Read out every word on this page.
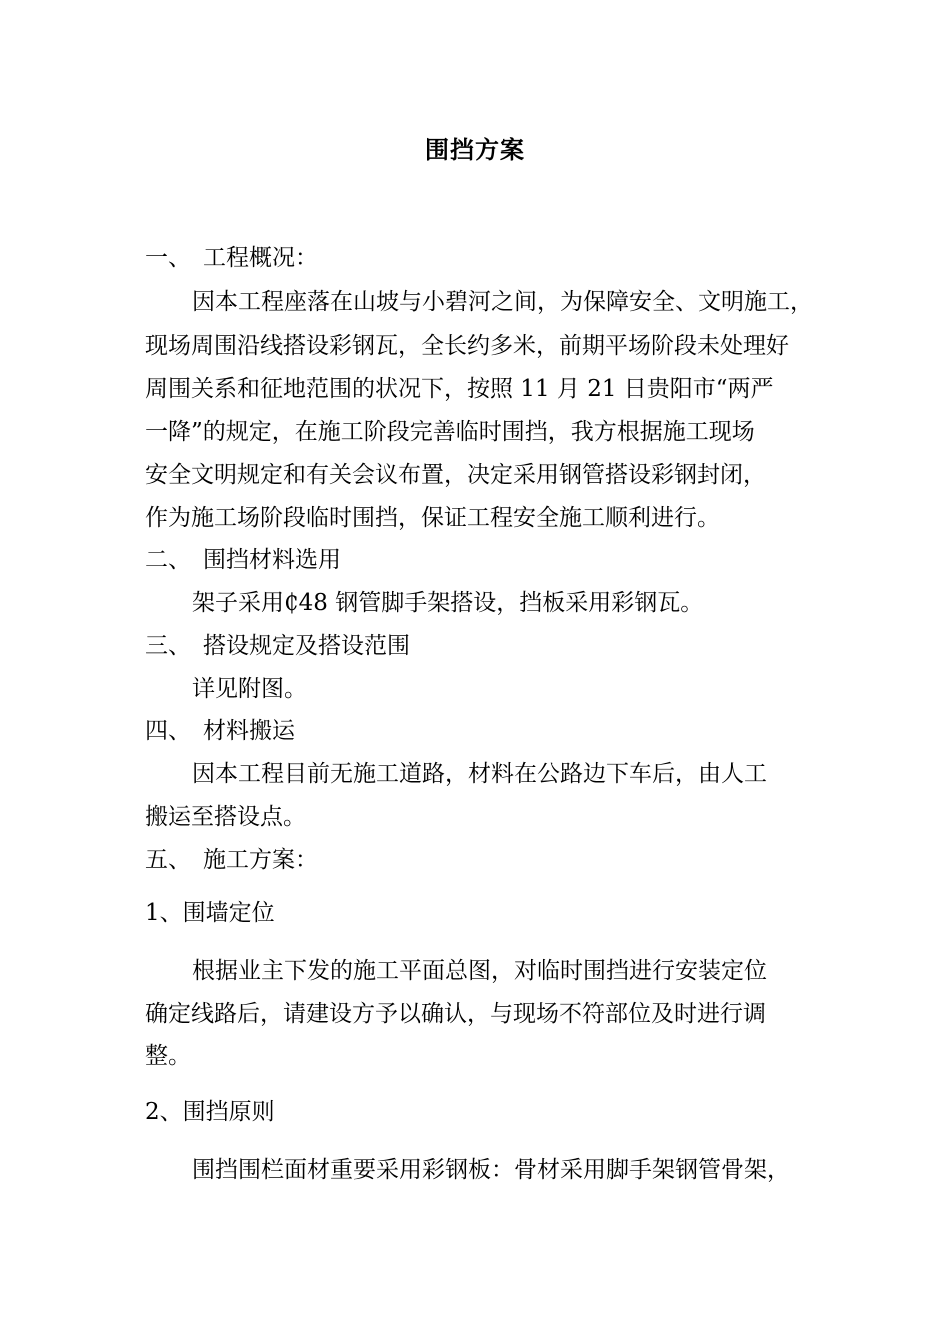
围挡方案
一、 工程概况：
因本工程座落在山坡与小碧河之间，为保障安全、文明施工，
现场周围沿线搭设彩钢瓦，全长约多米，前期平场阶段未处理好
周围关系和征地范围的状况下，按照 11 月 21 日贵阳市“两严
一降”的规定，在施工阶段完善临时围挡，我方根据施工现场
安全文明规定和有关会议布置，决定采用钢管搭设彩钢封闭，
作为施工场阶段临时围挡，保证工程安全施工顺利进行。
二、 围挡材料选用
架子采用₵48 钢管脚手架搭设，挡板采用彩钢瓦。
三、 搭设规定及搭设范围
详见附图。
四、 材料搬运
因本工程目前无施工道路，材料在公路边下车后，由人工
搬运至搭设点。
五、 施工方案：
1、围墙定位
根据业主下发的施工平面总图，对临时围挡进行安装定位
确定线路后，请建设方予以确认，与现场不符部位及时进行调
整。
2、围挡原则
围挡围栏面材重要采用彩钢板：骨材采用脚手架钢管骨架，
